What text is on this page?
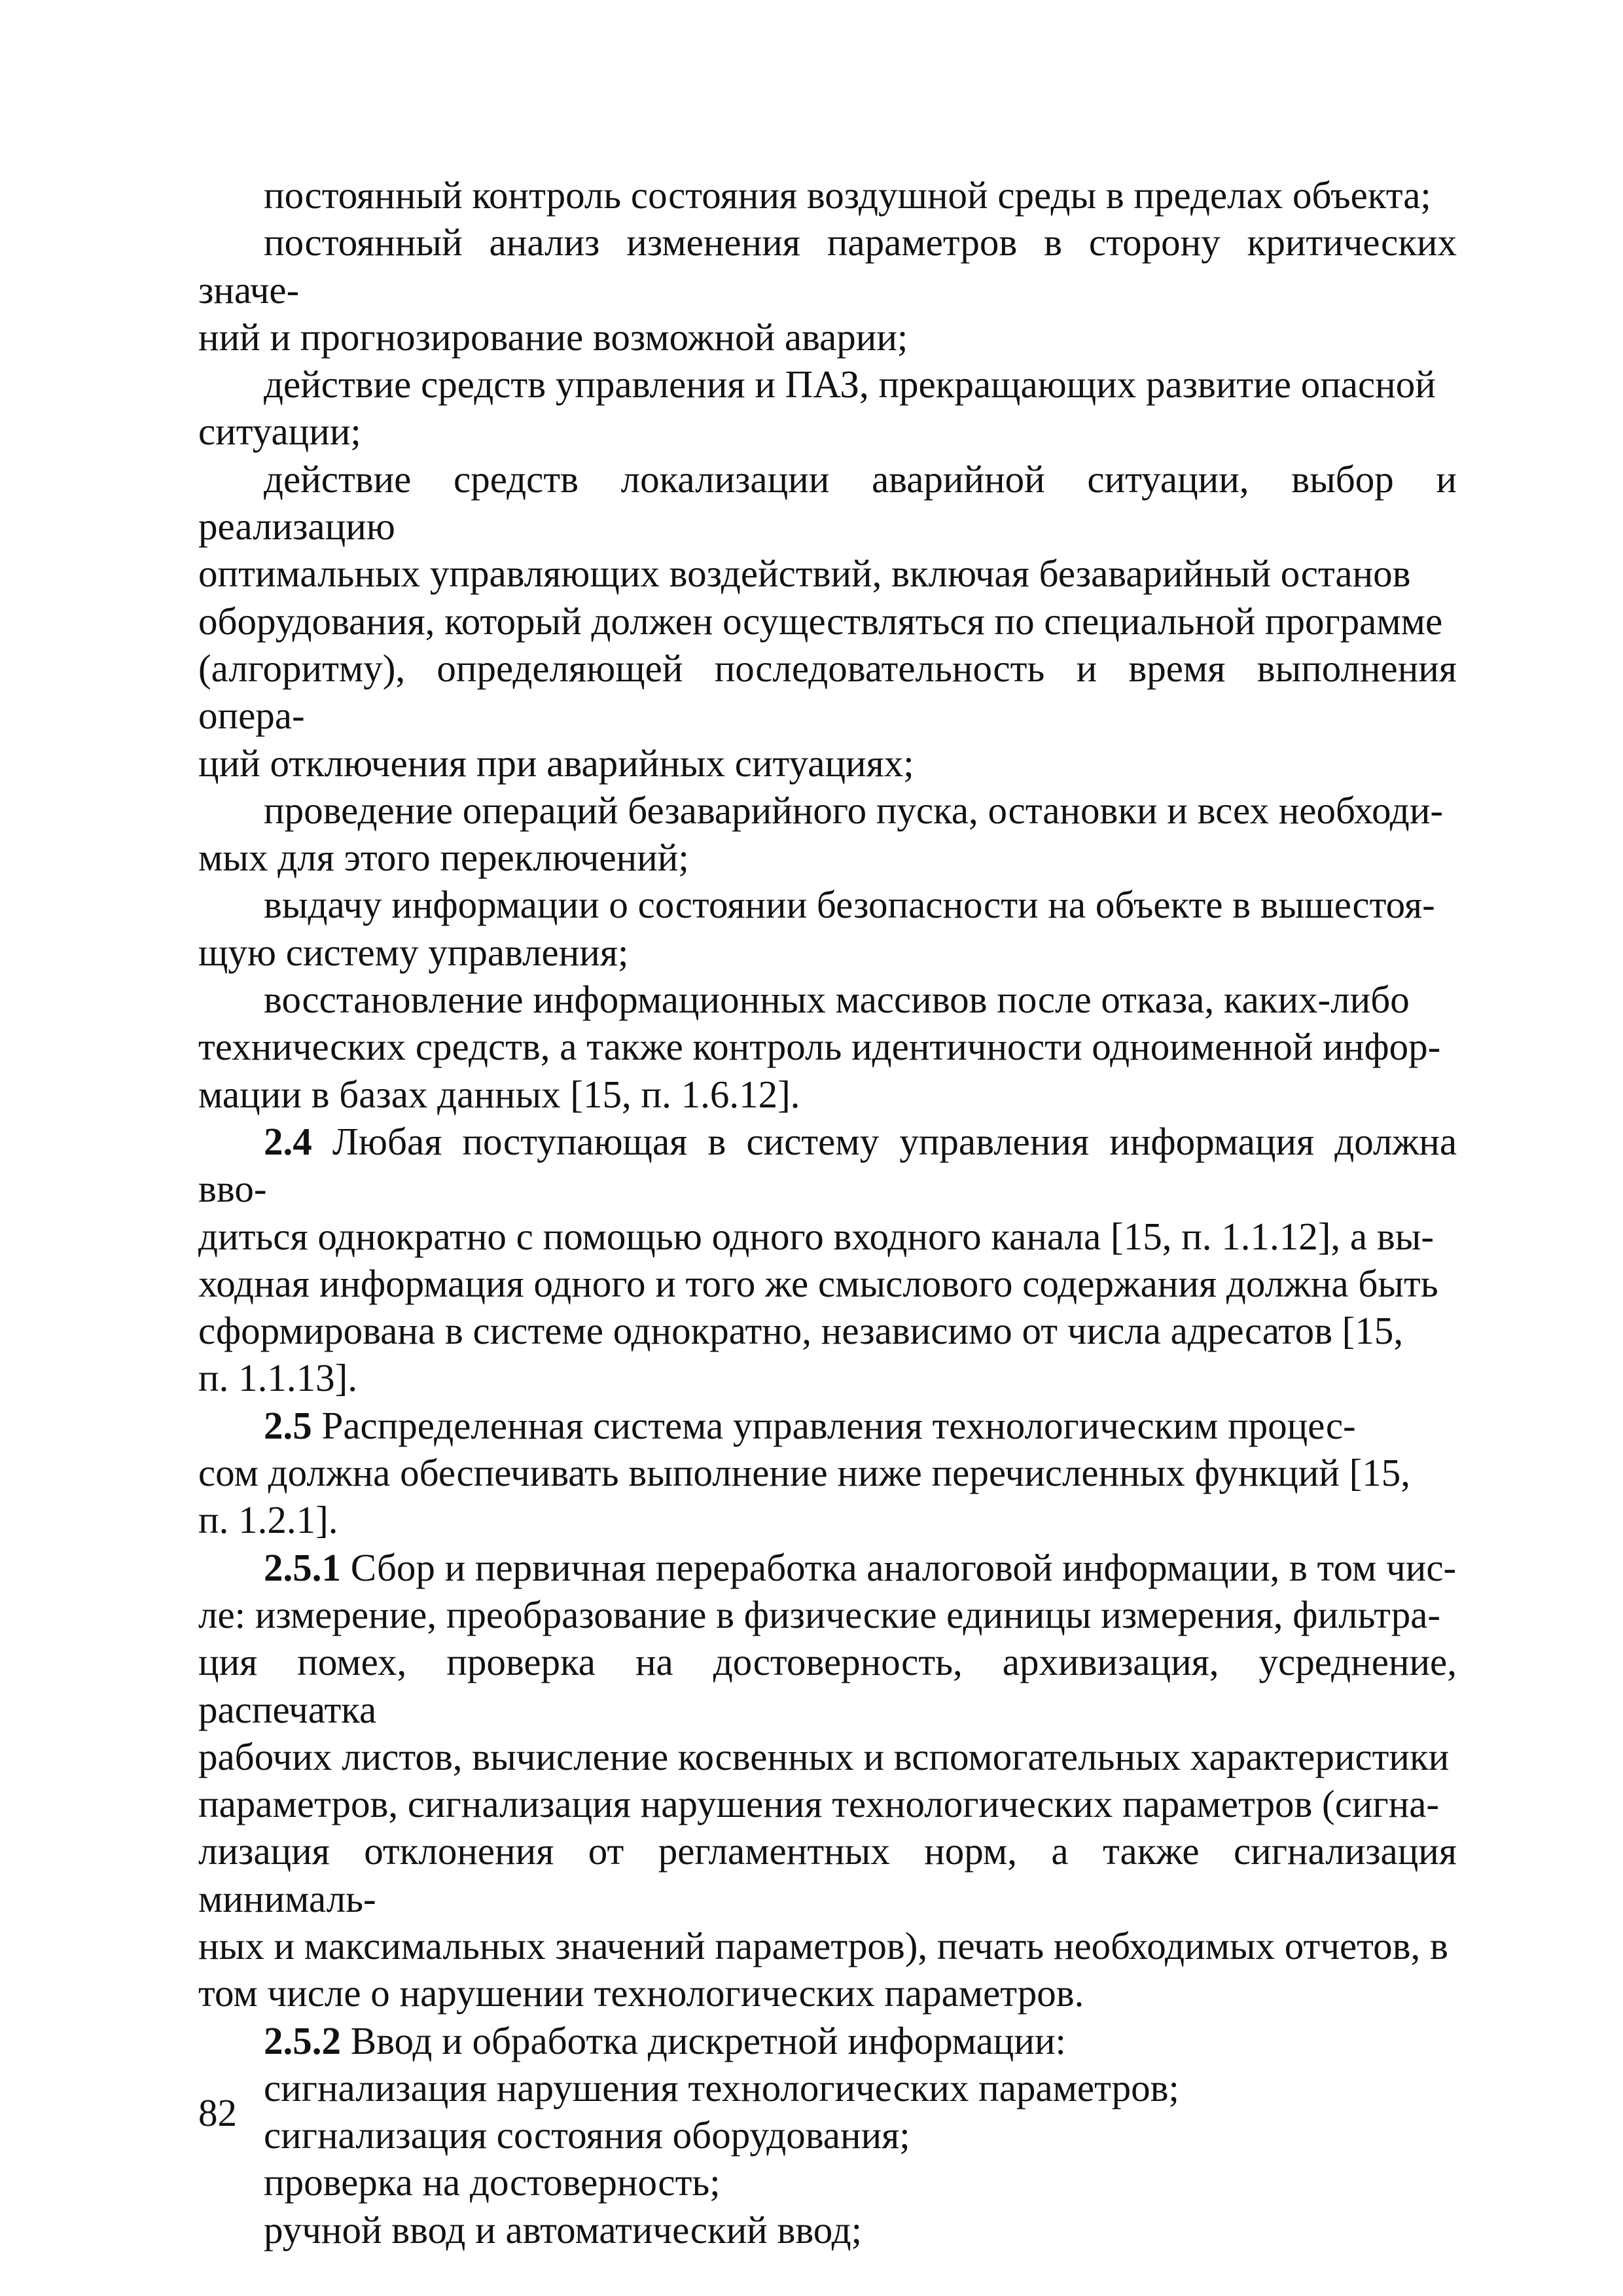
постоянный контроль состояния воздушной среды в пределах объекта;

постоянный анализ изменения параметров в сторону критических значе-
ний и прогнозирование возможной аварии;

действие средств управления и ПАЗ, прекращающих развитие опасной
ситуации;

действие средств локализации аварийной ситуации, выбор и реализацию
оптимальных управляющих воздействий, включая безаварийный останов
оборудования, который должен осуществляться по специальной программе
(алгоритму), определяющей последовательность и время выполнения опера-
ций отключения при аварийных ситуациях;

проведение операций безаварийного пуска, остановки и всех необходи-
мых для этого переключений;

выдачу информации о состоянии безопасности на объекте в вышестоя-
щую систему управления;

восстановление информационных массивов после отказа, каких-либо
технических средств, а также контроль идентичности одноименной инфор-
мации в базах данных [15, п. 1.6.12].

2.4 Любая поступающая в систему управления информация должна вво-
диться однократно с помощью одного входного канала [15, п. 1.1.12], а вы-
ходная информация одного и того же смыслового содержания должна быть
сформирована в системе однократно, независимо от числа адресатов [15,
п. 1.1.13].

2.5 Распределенная система управления технологическим процес-
сом должна обеспечивать выполнение ниже перечисленных функций [15,
п. 1.2.1].

2.5.1 Сбор и первичная переработка аналоговой информации, в том чис-
ле: измерение, преобразование в физические единицы измерения, фильтра-
ция помех, проверка на достоверность, архивизация, усреднение, распечатка
рабочих листов, вычисление косвенных и вспомогательных характеристики
параметров, сигнализация нарушения технологических параметров (сигна-
лизация отклонения от регламентных норм, а также сигнализация минималь-
ных и максимальных значений параметров), печать необходимых отчетов, в
том числе о нарушении технологических параметров.

2.5.2 Ввод и обработка дискретной информации:

сигнализация нарушения технологических параметров;

сигнализация состояния оборудования;

проверка на достоверность;

ручной ввод и автоматический ввод;

82
